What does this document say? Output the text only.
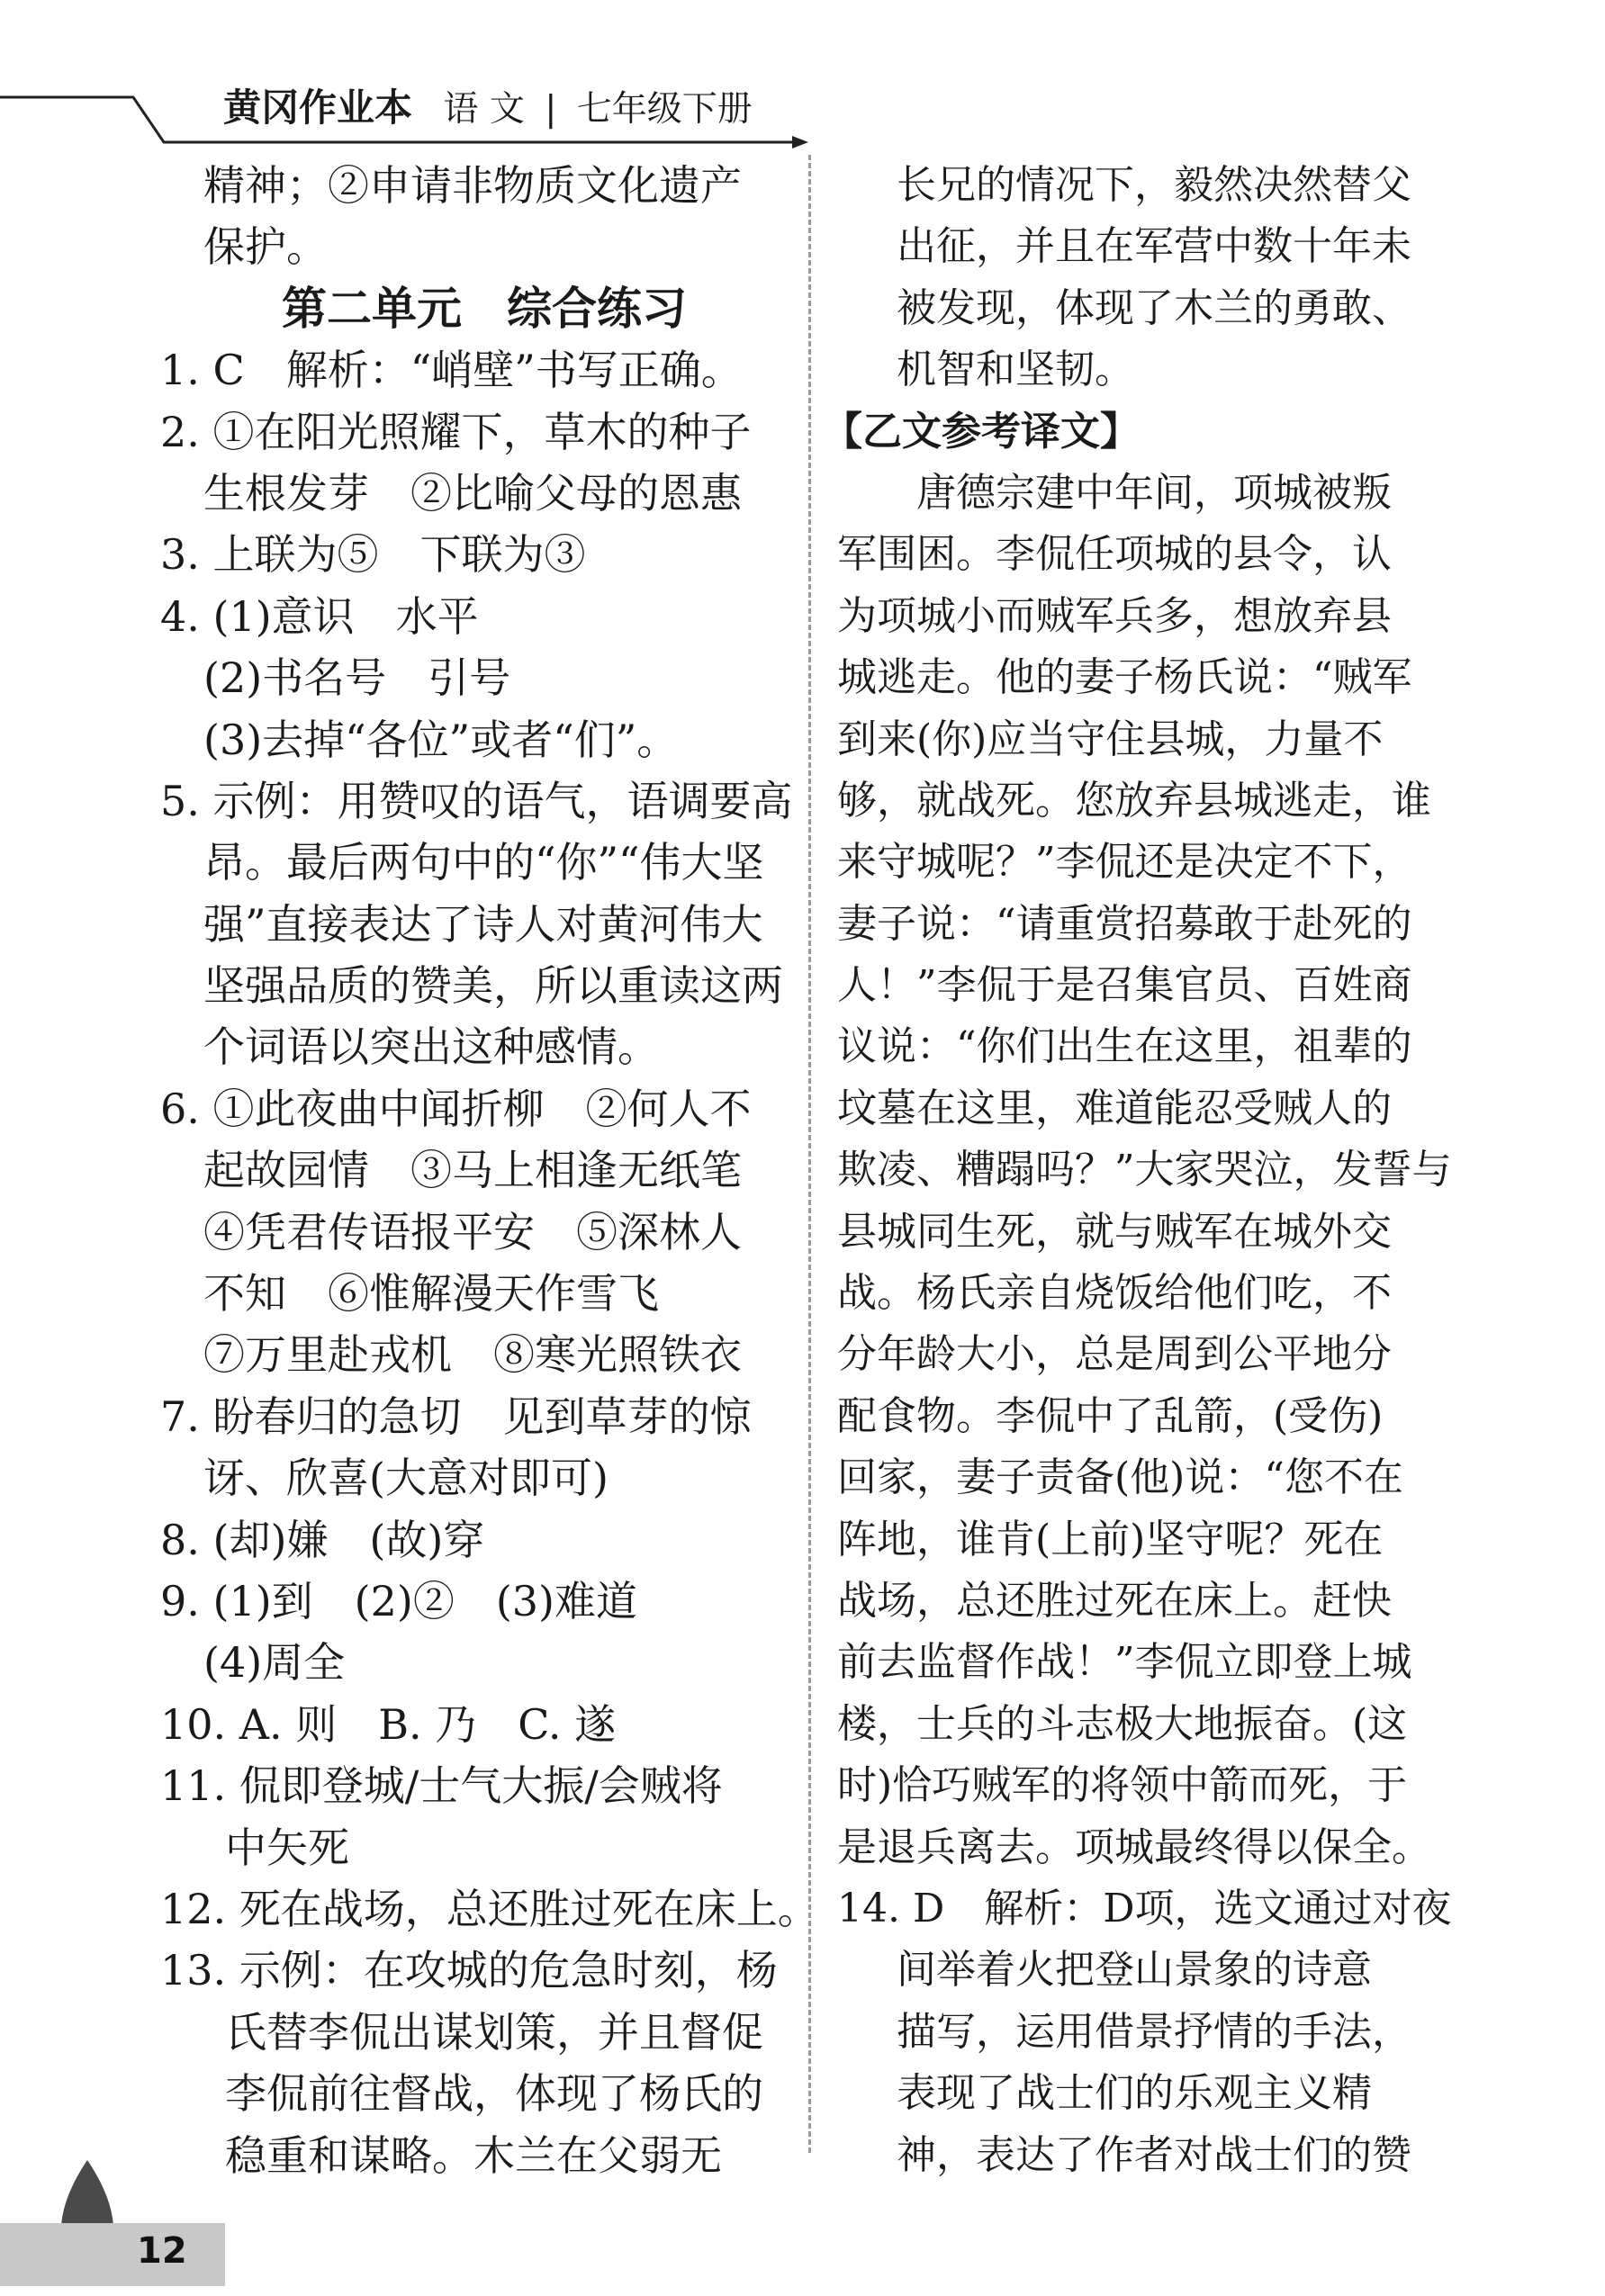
黄冈作业本 语 文 | 七年级下册
精神；②申请非物质文化遗产
保护。
第二单元　综合练习
1. C　解析：“峭壁”书写正确。
2. ①在阳光照耀下，草木的种子
生根发芽　②比喻父母的恩惠
3. 上联为⑤　下联为③
4. (1)意识　水平
(2)书名号　引号
(3)去掉“各位”或者“们”。
5. 示例：用赞叹的语气，语调要高
昂。最后两句中的“你”“伟大坚
强”直接表达了诗人对黄河伟大
坚强品质的赞美，所以重读这两
个词语以突出这种感情。
6. ①此夜曲中闻折柳　②何人不
起故园情　③马上相逢无纸笔
④凭君传语报平安　⑤深林人
不知　⑥惟解漫天作雪飞
⑦万里赴戎机　⑧寒光照铁衣
7. 盼春归的急切　见到草芽的惊
讶、欣喜(大意对即可)
8. (却)嫌　(故)穿
9. (1)到　(2)②　(3)难道
(4)周全
10. A. 则　B. 乃　C. 遂
11. 侃即登城/士气大振/会贼将
中矢死
12. 死在战场，总还胜过死在床上。
13. 示例：在攻城的危急时刻，杨
氏替李侃出谋划策，并且督促
李侃前往督战，体现了杨氏的
稳重和谋略。木兰在父弱无
长兄的情况下，毅然决然替父
出征，并且在军营中数十年未
被发现，体现了木兰的勇敢、
机智和坚韧。
【乙文参考译文】
　　唐德宗建中年间，项城被叛
军围困。李侃任项城的县令，认
为项城小而贼军兵多，想放弃县
城逃走。他的妻子杨氏说：“贼军
到来(你)应当守住县城，力量不
够，就战死。您放弃县城逃走，谁
来守城呢？”李侃还是决定不下，
妻子说：“请重赏招募敢于赴死的
人！”李侃于是召集官员、百姓商
议说：“你们出生在这里，祖辈的
坟墓在这里，难道能忍受贼人的
欺凌、糟蹋吗？”大家哭泣，发誓与
县城同生死，就与贼军在城外交
战。杨氏亲自烧饭给他们吃，不
分年龄大小，总是周到公平地分
配食物。李侃中了乱箭，(受伤)
回家，妻子责备(他)说：“您不在
阵地，谁肯(上前)坚守呢？死在
战场，总还胜过死在床上。赶快
前去监督作战！”李侃立即登上城
楼，士兵的斗志极大地振奋。(这
时)恰巧贼军的将领中箭而死，于
是退兵离去。项城最终得以保全。
14. D　解析：D项，选文通过对夜
间举着火把登山景象的诗意
描写，运用借景抒情的手法，
表现了战士们的乐观主义精
神，表达了作者对战士们的赞
12
